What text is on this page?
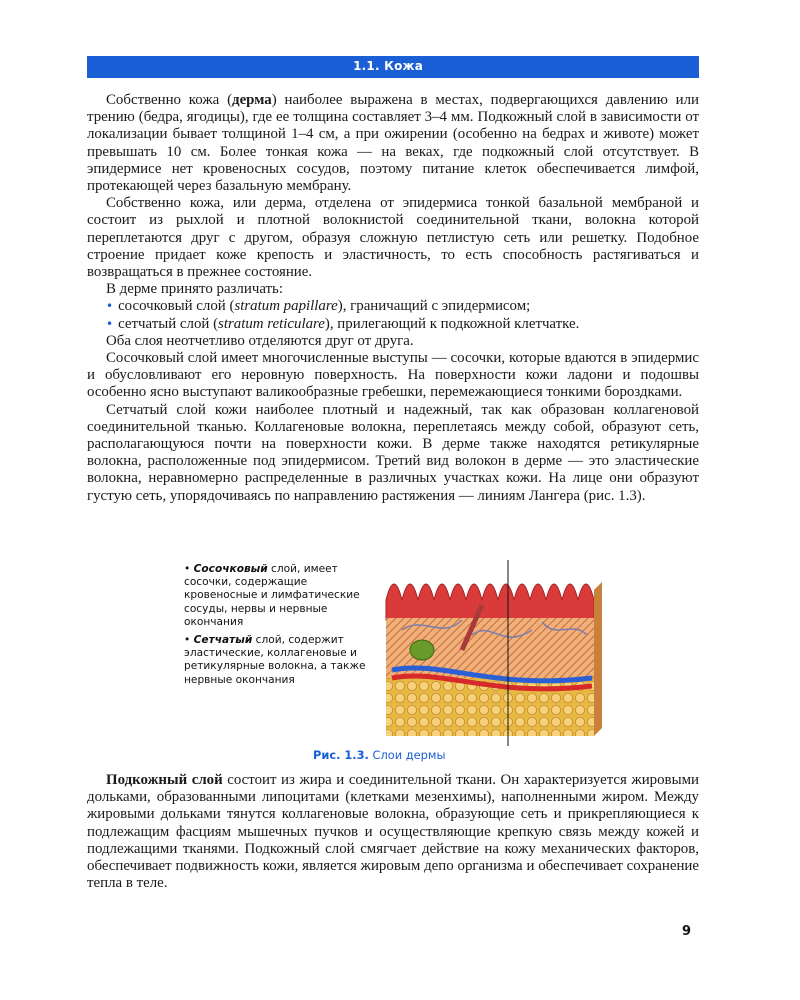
1.1. Кожа

Собственно кожа (дерма) наиболее выражена в местах, подвергающихся давлению или трению (бедра, ягодицы), где ее толщина составляет 3–4 мм. Подкожный слой в зависимости от локализации бывает толщиной 1–4 см, а при ожирении (особенно на бедрах и животе) может превышать 10 см. Более тонкая кожа — на веках, где подкожный слой отсутствует. В эпидермисе нет кровеносных сосудов, поэтому питание клеток обеспечивается лимфой, протекающей через базальную мембрану.

Собственно кожа, или дерма, отделена от эпидермиса тонкой базальной мембраной и состоит из рыхлой и плотной волокнистой соединительной ткани, волокна которой переплетаются друг с другом, образуя сложную петлистую сеть или решетку. Подобное строение придает коже крепость и эластичность, то есть способность растягиваться и возвращаться в прежнее состояние.

В дерме принято различать:

• сосочковый слой (stratum papillare), граничащий с эпидермисом;
• сетчатый слой (stratum reticulare), прилегающий к подкожной клетчатке.

Оба слоя неотчетливо отделяются друг от друга.

Сосочковый слой имеет многочисленные выступы — сосочки, которые вдаются в эпидермис и обусловливают его неровную поверхность. На поверхности кожи ладони и подошвы особенно ясно выступают валикообразные гребешки, перемежающиеся тонкими бороздками.

Сетчатый слой кожи наиболее плотный и надежный, так как образован коллагеновой соединительной тканью. Коллагеновые волокна, переплетаясь между собой, образуют сеть, располагающуюся почти на поверхности кожи. В дерме также находятся ретикулярные волокна, расположенные под эпидермисом. Третий вид волокон в дерме — это эластические волокна, неравномерно распределенные в различных участках кожи. На лице они образуют густую сеть, упорядочиваясь по направлению растяжения — линиям Лангера (рис. 1.3).

• Сосочковый слой, имеет сосочки, содержащие кровеносные и лимфатические сосуды, нервы и нервные окончания
• Сетчатый слой, содержит эластические, коллагеновые и ретикулярные волокна, а также нервные окончания
Рис. 1.3. Слои дермы

Подкожный слой состоит из жира и соединительной ткани. Он характеризуется жировыми дольками, образованными липоцитами (клетками мезенхимы), наполненными жиром. Между жировыми дольками тянутся коллагеновые волокна, образующие сеть и прикрепляющиеся к подлежащим фасциям мышечных пучков и осуществляющие крепкую связь между кожей и подлежащими тканями. Подкожный слой смягчает действие на кожу механических факторов, обеспечивает подвижность кожи, является жировым депо организма и обеспечивает сохранение тепла в теле.

9
